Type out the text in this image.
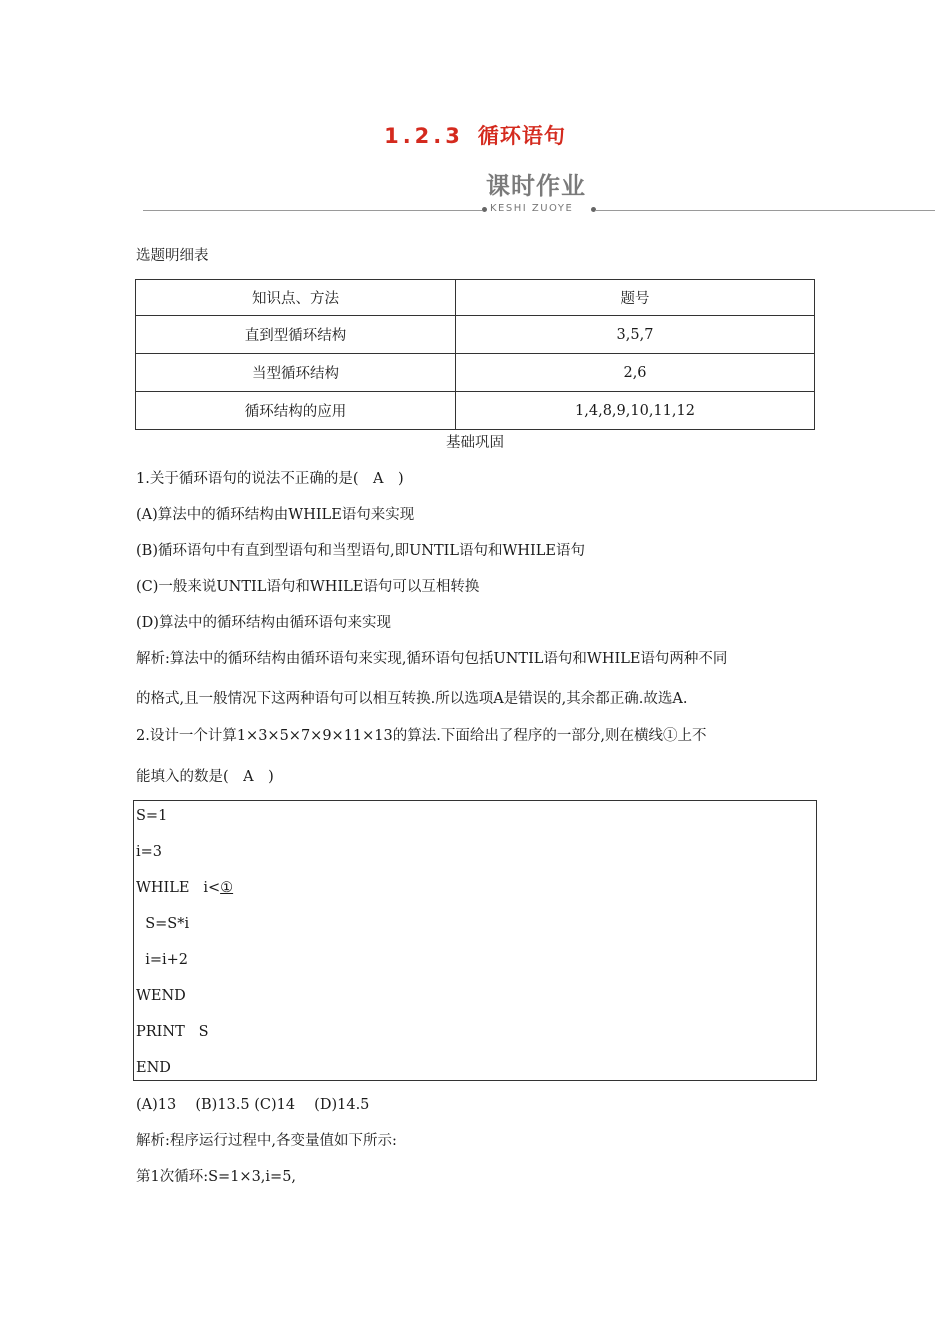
1.2.3 循环语句
课时作业
KESHI ZUOYE
选题明细表
知识点、方法	题号
直到型循环结构	3,5,7
当型循环结构	2,6
循环结构的应用	1,4,8,9,10,11,12
基础巩固
1.关于循环语句的说法不正确的是(　A　)
(A)算法中的循环结构由WHILE语句来实现
(B)循环语句中有直到型语句和当型语句,即UNTIL语句和WHILE语句
(C)一般来说UNTIL语句和WHILE语句可以互相转换
(D)算法中的循环结构由循环语句来实现
解析:算法中的循环结构由循环语句来实现,循环语句包括UNTIL语句和WHILE语句两种不同
的格式,且一般情况下这两种语句可以相互转换.所以选项A是错误的,其余都正确.故选A.
2.设计一个计算1×3×5×7×9×11×13的算法.下面给出了程序的一部分,则在横线①上不
能填入的数是(　A　)
S=1
i=3
WHILE   i<①
S=S*i
i=i+2
WEND
PRINT   S
END
(A)13　 (B)13.5 (C)14　 (D)14.5
解析:程序运行过程中,各变量值如下所示:
第1次循环:S=1×3,i=5,
